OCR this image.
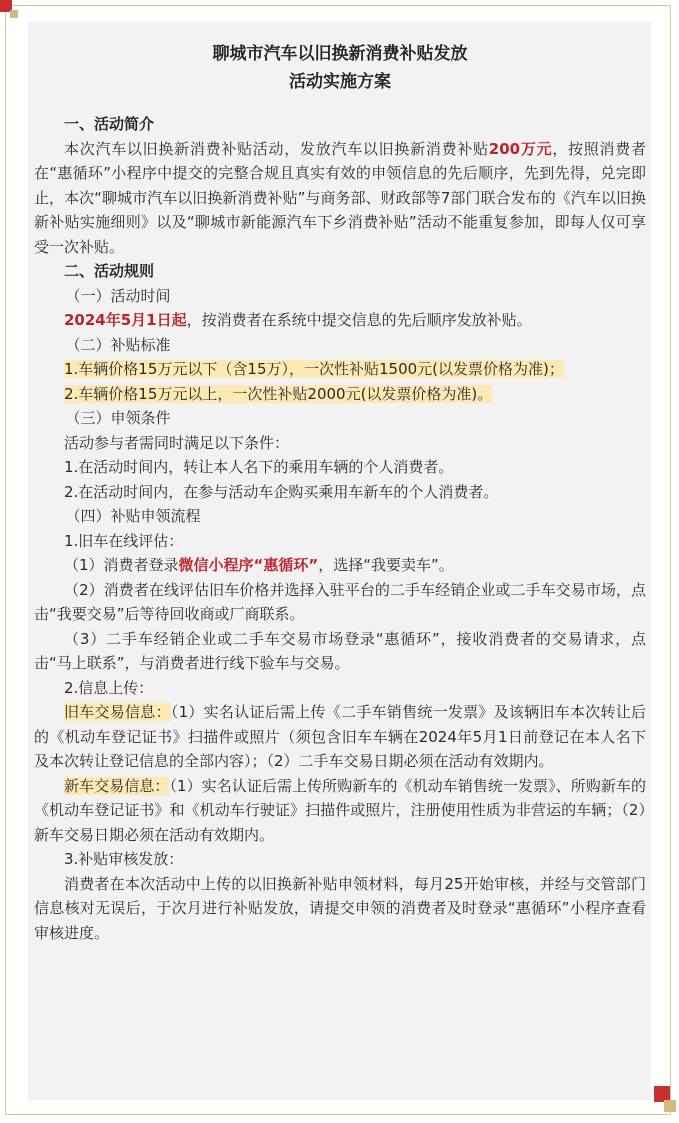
聊城市汽车以旧换新消费补贴发放
活动实施方案

一、活动简介

本次汽车以旧换新消费补贴活动，发放汽车以旧换新消费补贴200万元，按照消费者在“惠循环”小程序中提交的完整合规且真实有效的申领信息的先后顺序，先到先得，兑完即止，本次“聊城市汽车以旧换新消费补贴”与商务部、财政部等7部门联合发布的《汽车以旧换新补贴实施细则》以及“聊城市新能源汽车下乡消费补贴”活动不能重复参加，即每人仅可享受一次补贴。

二、活动规则

（一）活动时间

2024年5月1日起，按消费者在系统中提交信息的先后顺序发放补贴。

（二）补贴标准

1.车辆价格15万元以下（含15万），一次性补贴1500元(以发票价格为准)；

2.车辆价格15万元以上，一次性补贴2000元(以发票价格为准)。

（三）申领条件

活动参与者需同时满足以下条件：

1.在活动时间内，转让本人名下的乘用车辆的个人消费者。

2.在活动时间内，在参与活动车企购买乘用车新车的个人消费者。

（四）补贴申领流程

1.旧车在线评估：

（1）消费者登录微信小程序“惠循环”，选择“我要卖车”。

（2）消费者在线评估旧车价格并选择入驻平台的二手车经销企业或二手车交易市场，点击“我要交易”后等待回收商或厂商联系。

（3）二手车经销企业或二手车交易市场登录“惠循环”，接收消费者的交易请求，点击“马上联系”，与消费者进行线下验车与交易。

2.信息上传：

旧车交易信息：（1）实名认证后需上传《二手车销售统一发票》及该辆旧车本次转让后的《机动车登记证书》扫描件或照片（须包含旧车车辆在2024年5月1日前登记在本人名下及本次转让登记信息的全部内容）；（2）二手车交易日期必须在活动有效期内。

新车交易信息：（1）实名认证后需上传所购新车的《机动车销售统一发票》、所购新车的《机动车登记证书》和《机动车行驶证》扫描件或照片，注册使用性质为非营运的车辆；（2）新车交易日期必须在活动有效期内。

3.补贴审核发放：

消费者在本次活动中上传的以旧换新补贴申领材料，每月25开始审核，并经与交管部门信息核对无误后，于次月进行补贴发放，请提交申领的消费者及时登录“惠循环”小程序查看审核进度。
